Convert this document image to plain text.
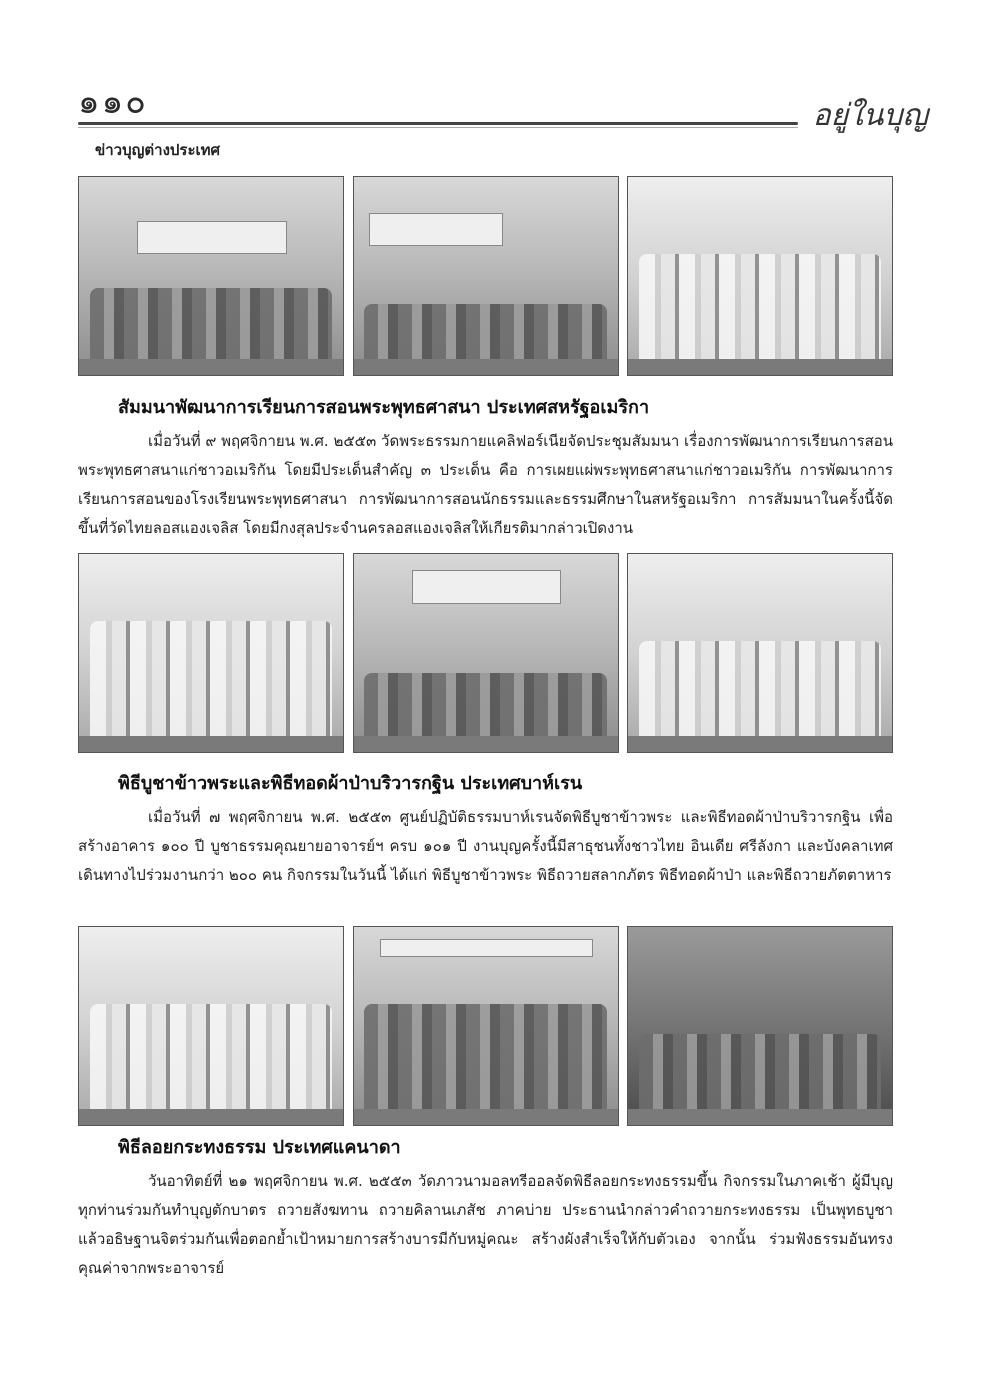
๑๑๐	อยู่ในบุญ
ข่าวบุญต่างประเทศ
สัมมนาพัฒนาการเรียนการสอนพระพุทธศาสนา ประเทศสหรัฐอเมริกา

เมื่อวันที่ ๙ พฤศจิกายน พ.ศ. ๒๕๕๓ วัดพระธรรมกายแคลิฟอร์เนียจัดประชุมสัมมนา เรื่องการพัฒนาการเรียนการสอนพระพุทธศาสนาแก่ชาวอเมริกัน โดยมีประเด็นสำคัญ ๓ ประเด็น คือ การเผยแผ่พระพุทธศาสนาแก่ชาวอเมริกัน การพัฒนาการเรียนการสอนของโรงเรียนพระพุทธศาสนา การพัฒนาการสอนนักธรรมและธรรมศึกษาในสหรัฐอเมริกา การสัมมนาในครั้งนี้จัดขึ้นที่วัดไทยลอสแองเจลิส โดยมีกงสุลประจำนครลอสแองเจลิสให้เกียรติมากล่าวเปิดงาน

พิธีบูชาข้าวพระและพิธีทอดผ้าป่าบริวารกฐิน ประเทศบาห์เรน

เมื่อวันที่ ๗ พฤศจิกายน พ.ศ. ๒๕๕๓ ศูนย์ปฏิบัติธรรมบาห์เรนจัดพิธีบูชาข้าวพระ และพิธีทอดผ้าป่าบริวารกฐิน เพื่อสร้างอาคาร ๑๐๐ ปี บูชาธรรมคุณยายอาจารย์ฯ ครบ ๑๐๑ ปี งานบุญครั้งนี้มีสาธุชนทั้งชาวไทย อินเดีย ศรีลังกา และบังคลาเทศ เดินทางไปร่วมงานกว่า ๒๐๐ คน กิจกรรมในวันนี้ ได้แก่ พิธีบูชาข้าวพระ พิธีถวายสลากภัตร พิธีทอดผ้าป่า และพิธีถวายภัตตาหาร

พิธีลอยกระทงธรรม ประเทศแคนาดา

วันอาทิตย์ที่ ๒๑ พฤศจิกายน พ.ศ. ๒๕๕๓ วัดภาวนามอลทรีออลจัดพิธีลอยกระทงธรรมขึ้น กิจกรรมในภาคเช้า ผู้มีบุญทุกท่านร่วมกันทำบุญตักบาตร ถวายสังฆทาน ถวายคิลานเภสัช ภาคบ่าย ประธานนำกล่าวคำถวายกระทงธรรม เป็นพุทธบูชา แล้วอธิษฐานจิตร่วมกันเพื่อตอกย้ำเป้าหมายการสร้างบารมีกับหมู่คณะ สร้างผังสำเร็จให้กับตัวเอง จากนั้น ร่วมฟังธรรมอันทรงคุณค่าจากพระอาจารย์
